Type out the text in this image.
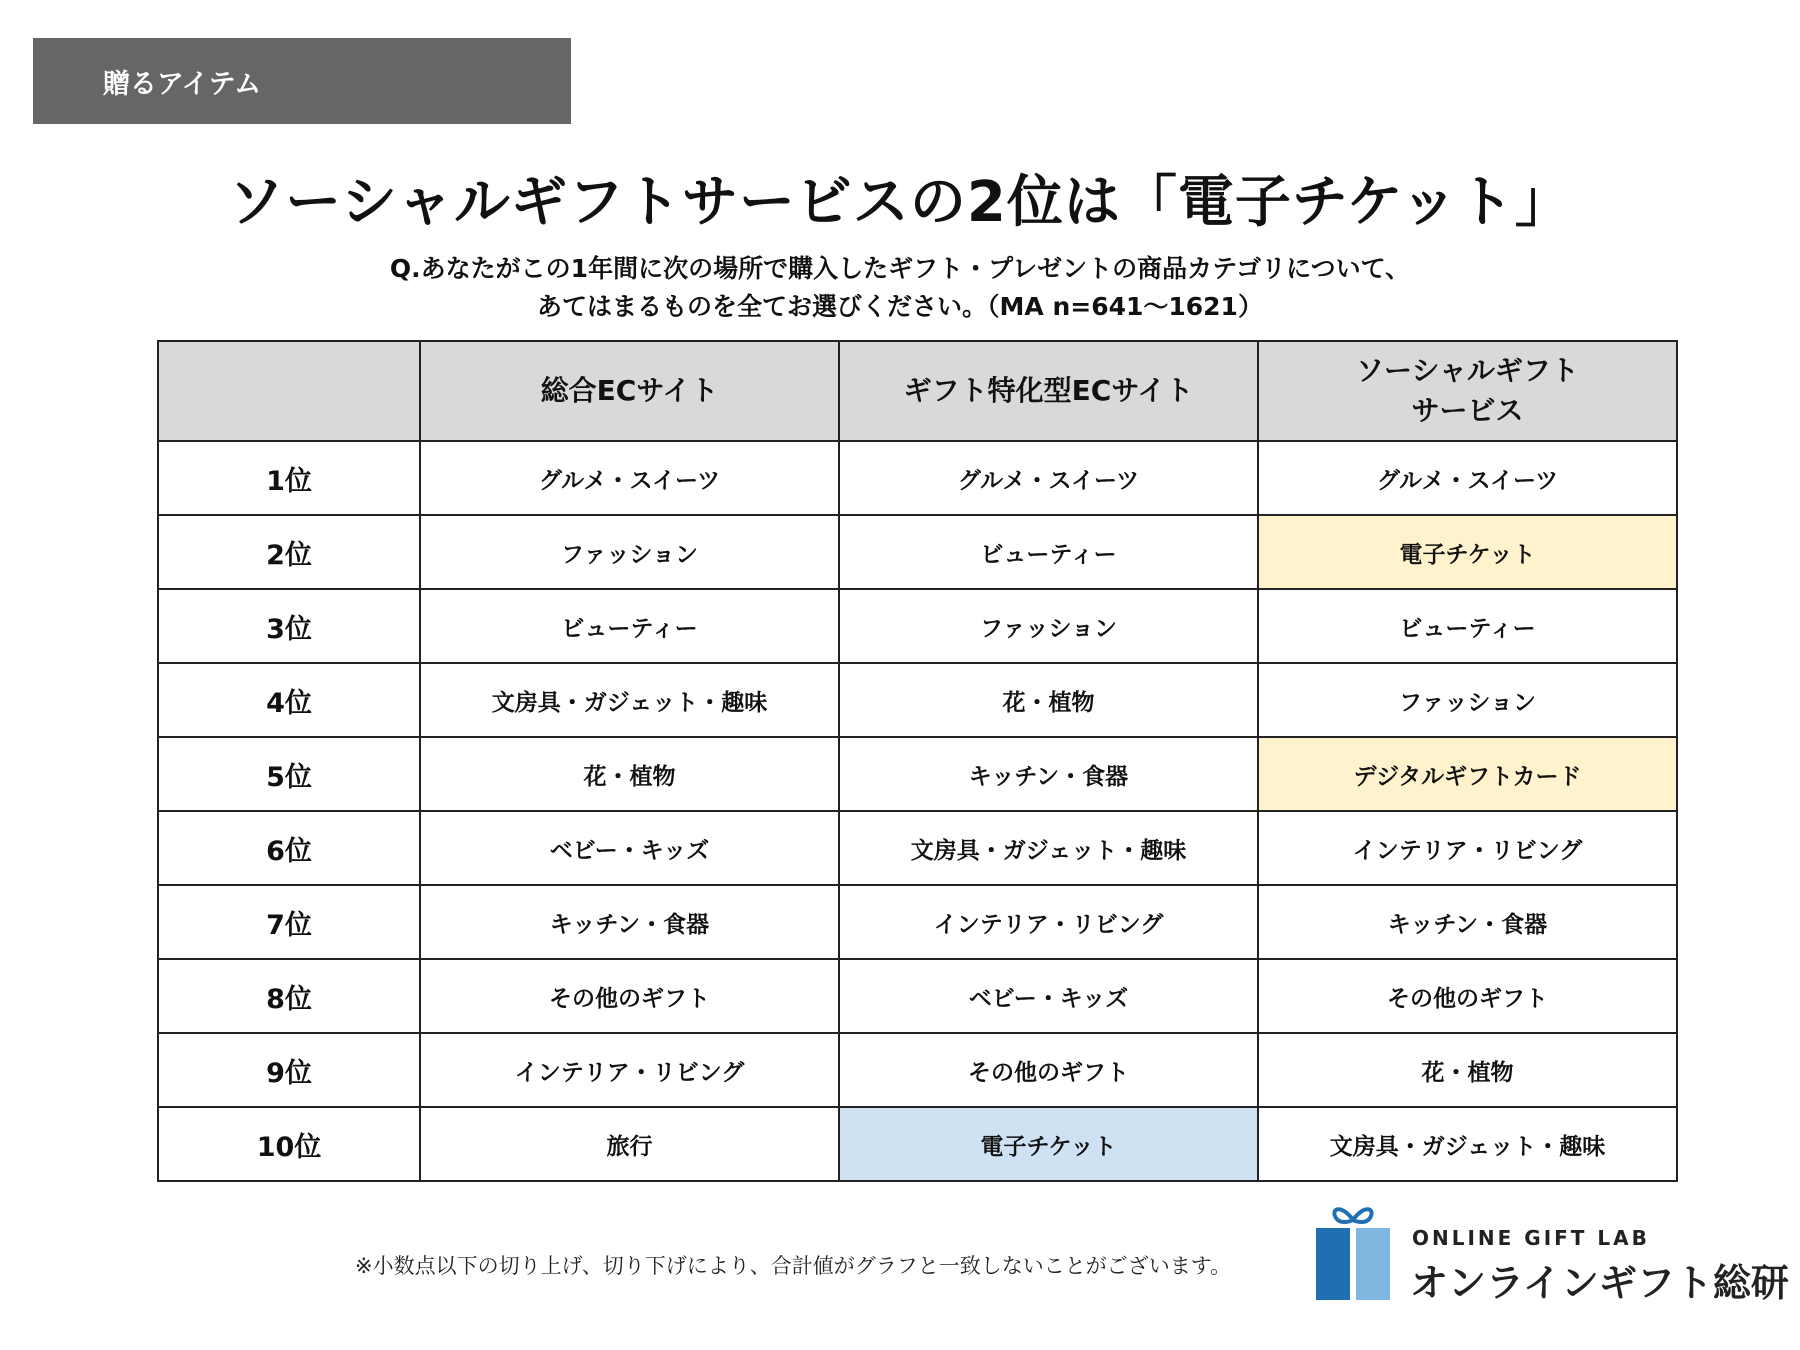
贈るアイテム
ソーシャルギフトサービスの2位は「電子チケット」
Q.あなたがこの1年間に次の場所で購入したギフト・プレゼントの商品カテゴリについて、
あてはまるものを全てお選びください。（MA n=641～1621）
	総合ECサイト	ギフト特化型ECサイト	ソーシャルギフト
サービス

1位	グルメ・スイーツ	グルメ・スイーツ	グルメ・スイーツ
2位	ファッション	ビューティー	電子チケット
3位	ビューティー	ファッション	ビューティー
4位	文房具・ガジェット・趣味	花・植物	ファッション
5位	花・植物	キッチン・食器	デジタルギフトカード
6位	ベビー・キッズ	文房具・ガジェット・趣味	インテリア・リビング
7位	キッチン・食器	インテリア・リビング	キッチン・食器
8位	その他のギフト	ベビー・キッズ	その他のギフト
9位	インテリア・リビング	その他のギフト	花・植物
10位	旅行	電子チケット	文房具・ガジェット・趣味
※小数点以下の切り上げ、切り下げにより、合計値がグラフと一致しないことがございます。
ONLINE GIFT LAB
オンラインギフト総研
